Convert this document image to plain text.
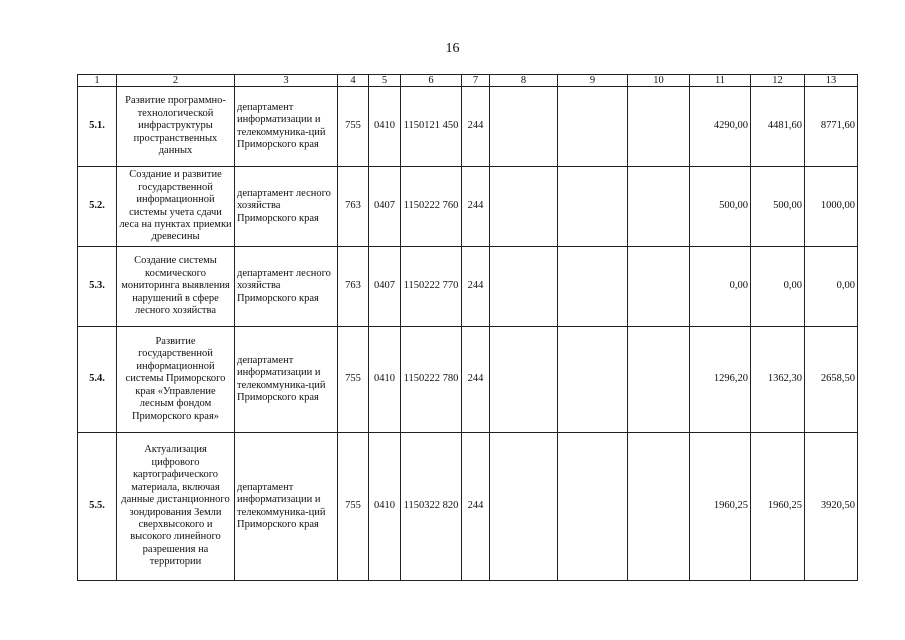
16
1	2	3	4	5	6	7	8	9	10	11	12	13
5.1.	Развитие программно-технологической инфраструктуры пространственных данных	департамент информатизации и телекоммуника-ций Приморского края	755	0410	1150121 450	244				4290,00	4481,60	8771,60
5.2.	Создание и развитие государственной информационной системы учета сдачи леса на пунктах приемки древесины	департамент лесного хозяйства Приморского края	763	0407	1150222 760	244				500,00	500,00	1000,00
5.3.	Создание системы космического мониторинга выявления нарушений в сфере лесного хозяйства	департамент лесного хозяйства Приморского края	763	0407	1150222 770	244				0,00	0,00	0,00
5.4.	Развитие государственной информационной системы Приморского края «Управление лесным фондом Приморского края»	департамент информатизации и телекоммуника-ций Приморского края	755	0410	1150222 780	244				1296,20	1362,30	2658,50
5.5.	Актуализация цифрового картографического материала, включая данные дистанционного зондирования Земли сверхвысокого и высокого линейного разрешения на территории	департамент информатизации и телекоммуника-ций Приморского края	755	0410	1150322 820	244				1960,25	1960,25	3920,50
